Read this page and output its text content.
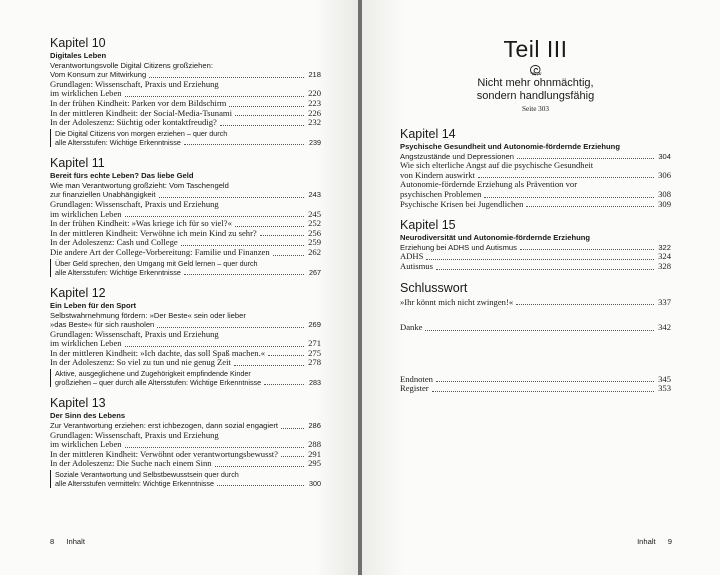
Kapitel 10
Digitales Leben
Verantwortungsvolle Digital Citizens großziehen:
Vom Konsum zur Mitwirkung	218
Grundlagen: Wissenschaft, Praxis und Erziehung
im wirklichen Leben	220
In der frühen Kindheit: Parken vor dem Bildschirm	223
In der mittleren Kindheit: der Social-Media-Tsunami	226
In der Adoleszenz: Süchtig oder kontaktfreudig?	232
Die Digital Citizens von morgen erziehen – quer durch
alle Altersstufen: Wichtige Erkenntnisse	239
Kapitel 11
Bereit fürs echte Leben? Das liebe Geld
Wie man Verantwortung großzieht: Vom Taschengeld
zur finanziellen Unabhängigkeit	243
Grundlagen: Wissenschaft, Praxis und Erziehung
im wirklichen Leben	245
In der frühen Kindheit: »Was kriege ich für so viel?«	252
In der mittleren Kindheit: Verwöhne ich mein Kind zu sehr?	256
In der Adoleszenz: Cash und College	259
Die andere Art der College-Vorbereitung: Familie und Finanzen	262
Über Geld sprechen, den Umgang mit Geld lernen – quer durch
alle Altersstufen: Wichtige Erkenntnisse	267
Kapitel 12
Ein Leben für den Sport
Selbstwahrnehmung fördern: »Der Beste« sein oder lieber
»das Beste« für sich rausholen	269
Grundlagen: Wissenschaft, Praxis und Erziehung
im wirklichen Leben	271
In der mittleren Kindheit: »Ich dachte, das soll Spaß machen.«	275
In der Adoleszenz: So viel zu tun und nie genug Zeit	278
Aktive, ausgeglichene und Zugehörigkeit empfindende Kinder
großziehen – quer durch alle Altersstufen: Wichtige Erkenntnisse	283
Kapitel 13
Der Sinn des Lebens
Zur Verantwortung erziehen: erst ichbezogen, dann sozial engagiert	286
Grundlagen: Wissenschaft, Praxis und Erziehung
im wirklichen Leben	288
In der mittleren Kindheit: Verwöhnt oder verantwortungsbewusst?	291
In der Adoleszenz: Die Suche nach einem Sinn	295
Soziale Verantwortung und Selbstbewusstsein quer durch
alle Altersstufen vermitteln: Wichtige Erkenntnisse	300
8 Inhalt
Teil III
Nicht mehr ohnmächtig,
sondern handlungsfähig
Seite 303
Kapitel 14
Psychische Gesundheit und Autonomie-fördernde Erziehung
Angstzustände und Depressionen	304
Wie sich elterliche Angst auf die psychische Gesundheit
von Kindern auswirkt	306
Autonomie-fördernde Erziehung als Prävention vor
psychischen Problemen	308
Psychische Krisen bei Jugendlichen	309
Kapitel 15
Neurodiversität und Autonomie-fördernde Erziehung
Erziehung bei ADHS und Autismus	322
ADHS	324
Autismus	328
Schlusswort
»Ihr könnt mich nicht zwingen!«	337
Danke	342
Endnoten	345
Register	353
Inhalt 9
